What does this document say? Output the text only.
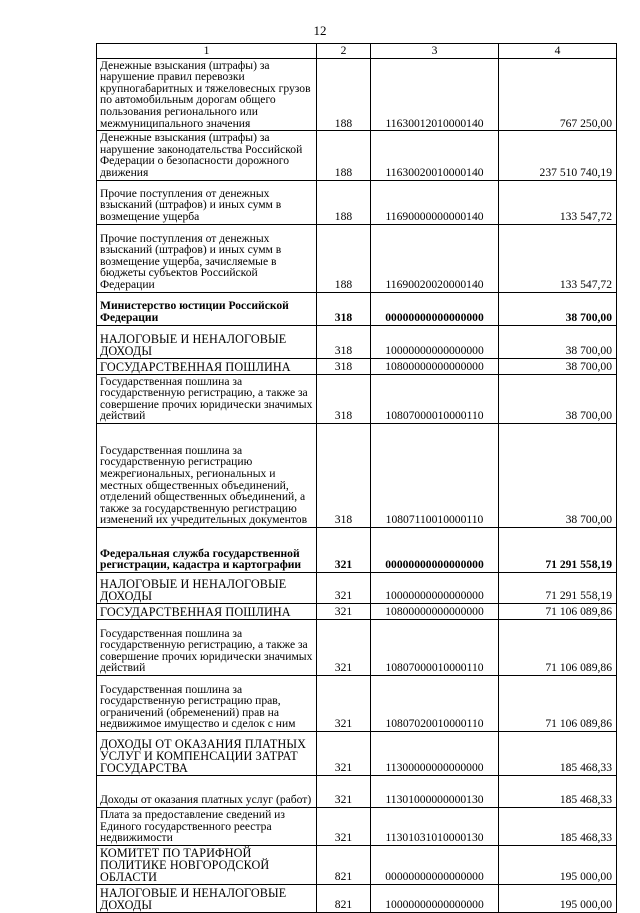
12
1	2	3	4
Денежные взыскания (штрафы) за нарушение правил перевозки крупногабаритных и тяжеловесных грузов по автомобильным дорогам общего пользования регионального или межмуниципального значения	188	11630012010000140	767 250,00
Денежные взыскания (штрафы) за нарушение законодательства Российской Федерации о безопасности дорожного движения	188	11630020010000140	237 510 740,19
Прочие поступления от денежных взысканий (штрафов) и иных сумм в возмещение ущерба	188	11690000000000140	133 547,72
Прочие поступления от денежных взысканий (штрафов) и иных сумм в возмещение ущерба, зачисляемые в бюджеты субъектов Российской Федерации	188	11690020020000140	133 547,72
Министерство юстиции Российской Федерации	318	00000000000000000	38 700,00
НАЛОГОВЫЕ И НЕНАЛОГОВЫЕ ДОХОДЫ	318	10000000000000000	38 700,00
ГОСУДАРСТВЕННАЯ ПОШЛИНА	318	10800000000000000	38 700,00
Государственная пошлина за государственную регистрацию, а также за совершение прочих юридически значимых действий	318	10807000010000110	38 700,00
Государственная пошлина за государственную регистрацию межрегиональных, региональных и местных общественных объединений, отделений общественных объединений, а также за государственную регистрацию изменений их учредительных документов	318	10807110010000110	38 700,00
Федеральная служба государственной регистрации, кадастра и картографии	321	00000000000000000	71 291 558,19
НАЛОГОВЫЕ И НЕНАЛОГОВЫЕ ДОХОДЫ	321	10000000000000000	71 291 558,19
ГОСУДАРСТВЕННАЯ ПОШЛИНА	321	10800000000000000	71 106 089,86
Государственная пошлина за государственную регистрацию, а также за совершение прочих юридически значимых действий	321	10807000010000110	71 106 089,86
Государственная пошлина за государственную регистрацию прав, ограничений (обременений) прав на недвижимое имущество и сделок с ним	321	10807020010000110	71 106 089,86
ДОХОДЫ ОТ ОКАЗАНИЯ ПЛАТНЫХ УСЛУГ И КОМПЕНСАЦИИ ЗАТРАТ ГОСУДАРСТВА	321	11300000000000000	185 468,33
Доходы от оказания платных услуг (работ)	321	11301000000000130	185 468,33
Плата за предоставление сведений из Единого государственного реестра недвижимости	321	11301031010000130	185 468,33
КОМИТЕТ ПО ТАРИФНОЙ ПОЛИТИКЕ НОВГОРОДСКОЙ ОБЛАСТИ	821	00000000000000000	195 000,00
НАЛОГОВЫЕ И НЕНАЛОГОВЫЕ ДОХОДЫ	821	10000000000000000	195 000,00
